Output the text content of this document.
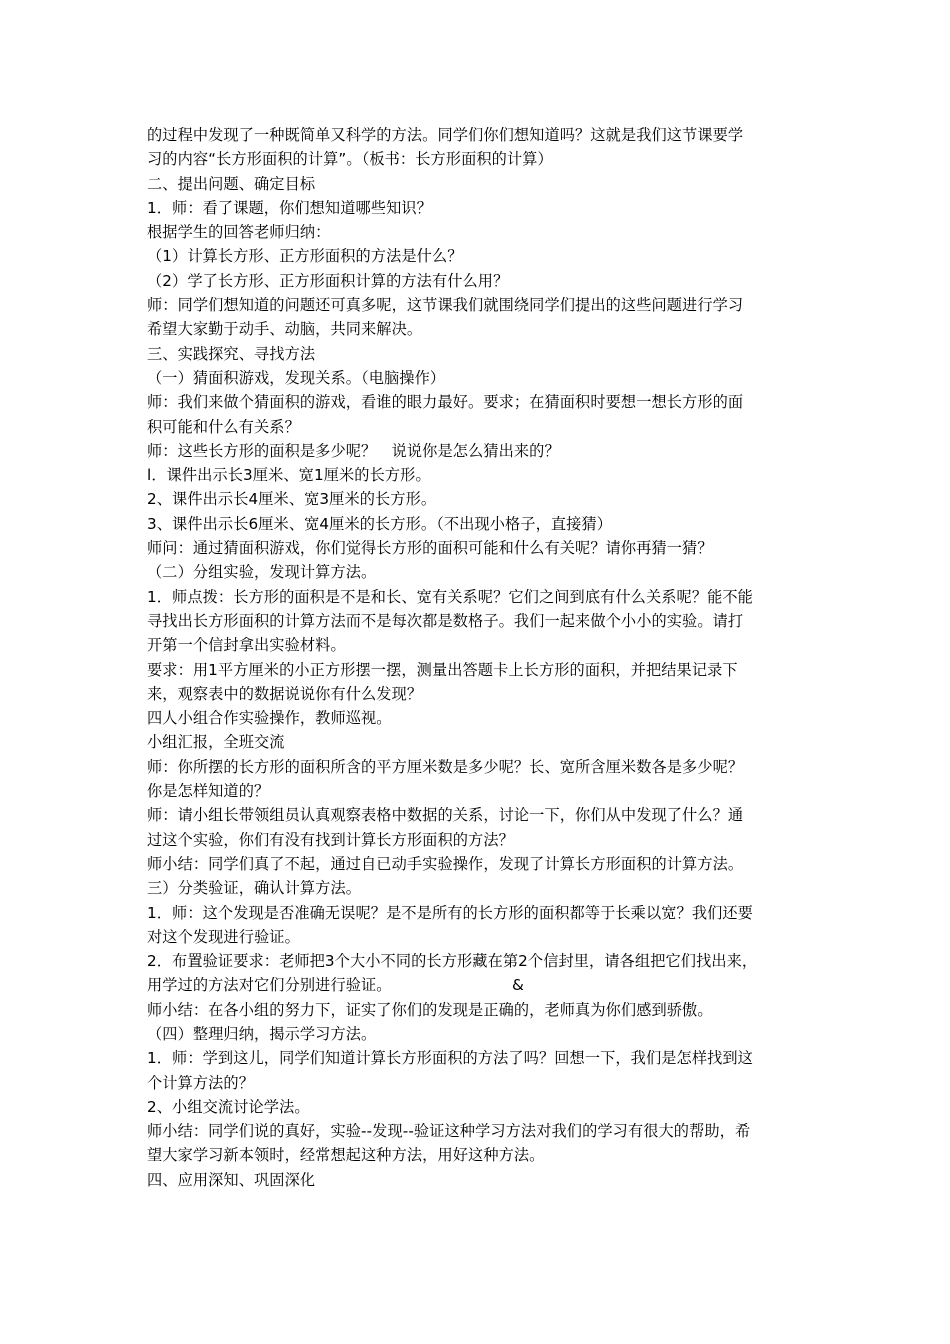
的过程中发现了一种既简单又科学的方法。同学们你们想知道吗？这就是我们这节课要学
习的内容“长方形面积的计算”。（板书：长方形面积的计算）
二、提出问题、确定目标
1．师：看了课题，你们想知道哪些知识？
根据学生的回答老师归纳：
（1）计算长方形、正方形面积的方法是什么？
（2）学了长方形、正方形面积计算的方法有什么用？
师：同学们想知道的问题还可真多呢，这节课我们就围绕同学们提出的这些问题进行学习
希望大家勤于动手、动脑，共同来解决。
三、实践探究、寻找方法
（一）猜面积游戏，发现关系。（电脑操作）
师：我们来做个猜面积的游戏，看谁的眼力最好。要求；在猜面积时要想一想长方形的面
积可能和什么有关系？
师：这些长方形的面积是多少呢？　说说你是怎么猜出来的？
l．课件出示长3厘米、宽1厘米的长方形。
2、课件出示长4厘米、宽3厘米的长方形。
3、课件出示长6厘米、宽4厘米的长方形。（不出现小格子，直接猜）
师问：通过猜面积游戏，你们觉得长方形的面积可能和什么有关呢？请你再猜一猜？
（二）分组实验，发现计算方法。
1．师点拨：长方形的面积是不是和长、宽有关系呢？它们之间到底有什么关系呢？能不能
寻找出长方形面积的计算方法而不是每次都是数格子。我们一起来做个小小的实验。请打
开第一个信封拿出实验材料。
要求：用1平方厘米的小正方形摆一摆，测量出答题卡上长方形的面积，并把结果记录下
来，观察表中的数据说说你有什么发现？
四人小组合作实验操作，教师巡视。
小组汇报，全班交流
师：你所摆的长方形的面积所含的平方厘米数是多少呢？长、宽所含厘米数各是多少呢？
你是怎样知道的？
师：请小组长带领组员认真观察表格中数据的关系，讨论一下，你们从中发现了什么？通
过这个实验，你们有没有找到计算长方形面积的方法？
师小结：同学们真了不起，通过自已动手实验操作，发现了计算长方形面积的计算方法。
三）分类验证，确认计算方法。
1．师：这个发现是否准确无误呢？是不是所有的长方形的面积都等于长乘以宽？我们还要
对这个发现进行验证。
2．布置验证要求：老师把3个大小不同的长方形藏在第2个信封里，请各组把它们找出来，
用学过的方法对它们分别进行验证。	&
师小结：在各小组的努力下，证实了你们的发现是正确的，老师真为你们感到骄傲。
（四）整理归纳，揭示学习方法。
1．师：学到这儿，同学们知道计算长方形面积的方法了吗？回想一下，我们是怎样找到这
个计算方法的？
2、小组交流讨论学法。
师小结：同学们说的真好，实验--发现--验证这种学习方法对我们的学习有很大的帮助，希
望大家学习新本领时，经常想起这种方法，用好这种方法。
四、应用深知、巩固深化
